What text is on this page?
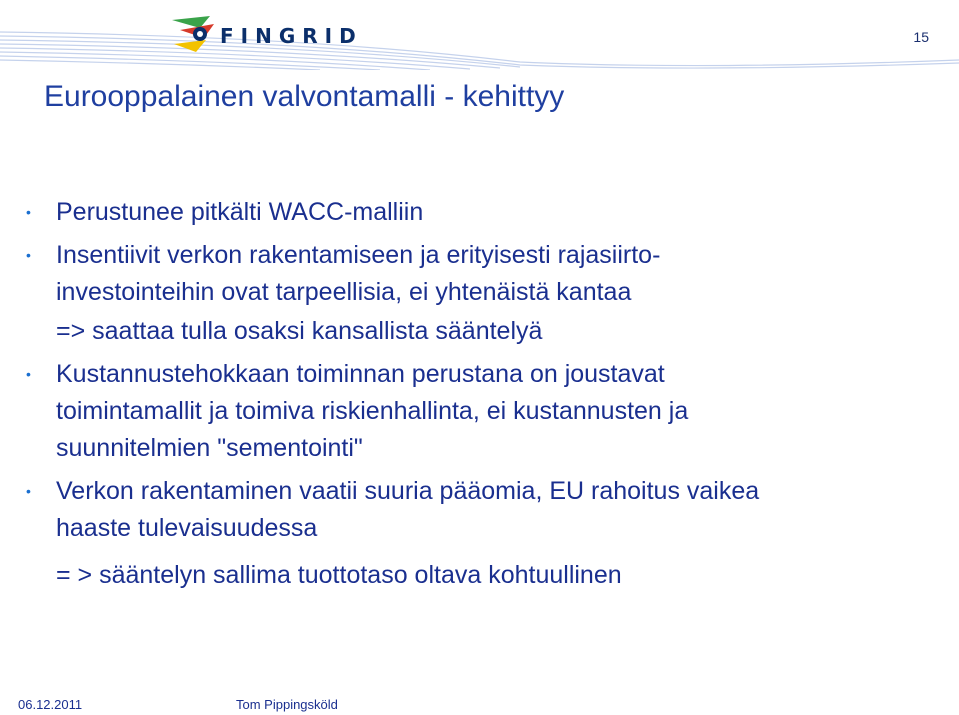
FINGRID	15
Eurooppalainen valvontamalli - kehittyy
• Perustunee pitkälti WACC-malliin
• Insentiivit verkon rakentamiseen ja erityisesti rajasiirto-
investointeihin ovat tarpeellisia, ei yhtenäistä kantaa
=> saattaa tulla osaksi kansallista sääntelyä
• Kustannustehokkaan toiminnan perustana on joustavat
toimintamallit ja toimiva riskienhallinta, ei kustannusten ja
suunnitelmien "sementointi"
• Verkon rakentaminen vaatii suuria pääomia, EU rahoitus vaikea
haaste tulevaisuudessa
= > sääntelyn sallima tuottotaso oltava kohtuullinen
06.12.2011	Tom Pippingsköld
